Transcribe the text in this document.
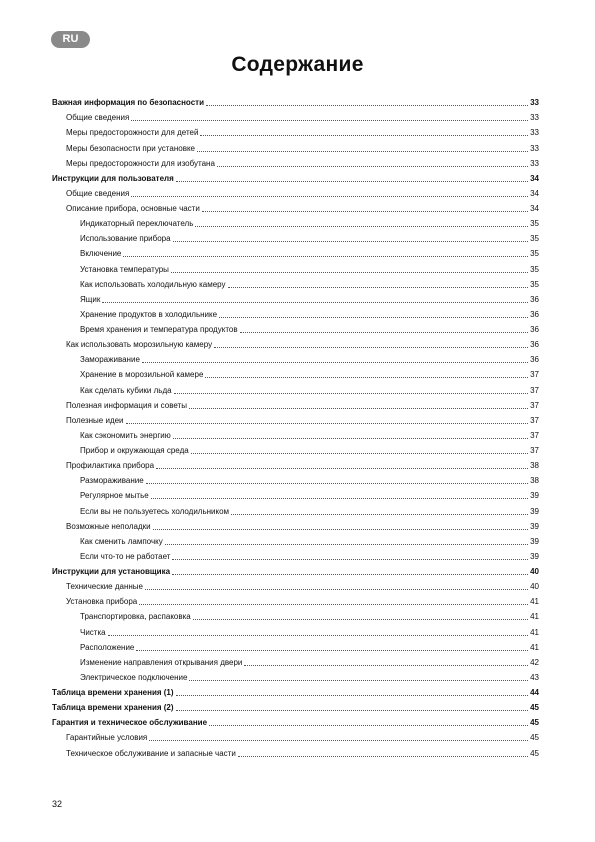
RU
Содержание
Важная информация по безопасности	33
Общие сведения	33
Меры предосторожности для детей	33
Меры безопасности при установке	33
Меры предосторожности для изобутана	33
Инструкции для пользователя	34
Общие сведения	34
Описание прибора, основные части	34
Индикаторный переключатель	35
Использование прибора	35
Включение	35
Установка температуры	35
Как использовать холодильную камеру	35
Ящик	36
Хранение продуктов в холодильнике	36
Время хранения и температура продуктов	36
Как использовать морозильную камеру	36
Замораживание	36
Хранение в морозильной камере	37
Как сделать кубики льда	37
Полезная информация и советы	37
Полезные идеи	37
Как сэкономить энергию	37
Прибор и окружающая среда	37
Профилактика прибора	38
Размораживание	38
Регулярное мытье	39
Если вы не пользуетесь холодильником	39
Возможные неполадки	39
Как сменить лампочку	39
Если что-то не работает	39
Инструкции для установщика	40
Технические данные	40
Установка прибора	41
Транспортировка, распаковка	41
Чистка	41
Расположение	41
Изменение направления открывания двери	42
Электрическое подключение	43
Таблица времени хранения (1)	44
Таблица времени хранения (2)	45
Гарантия и техническое обслуживание	45
Гарантийные условия	45
Техническое обслуживание и запасные части	45
32
